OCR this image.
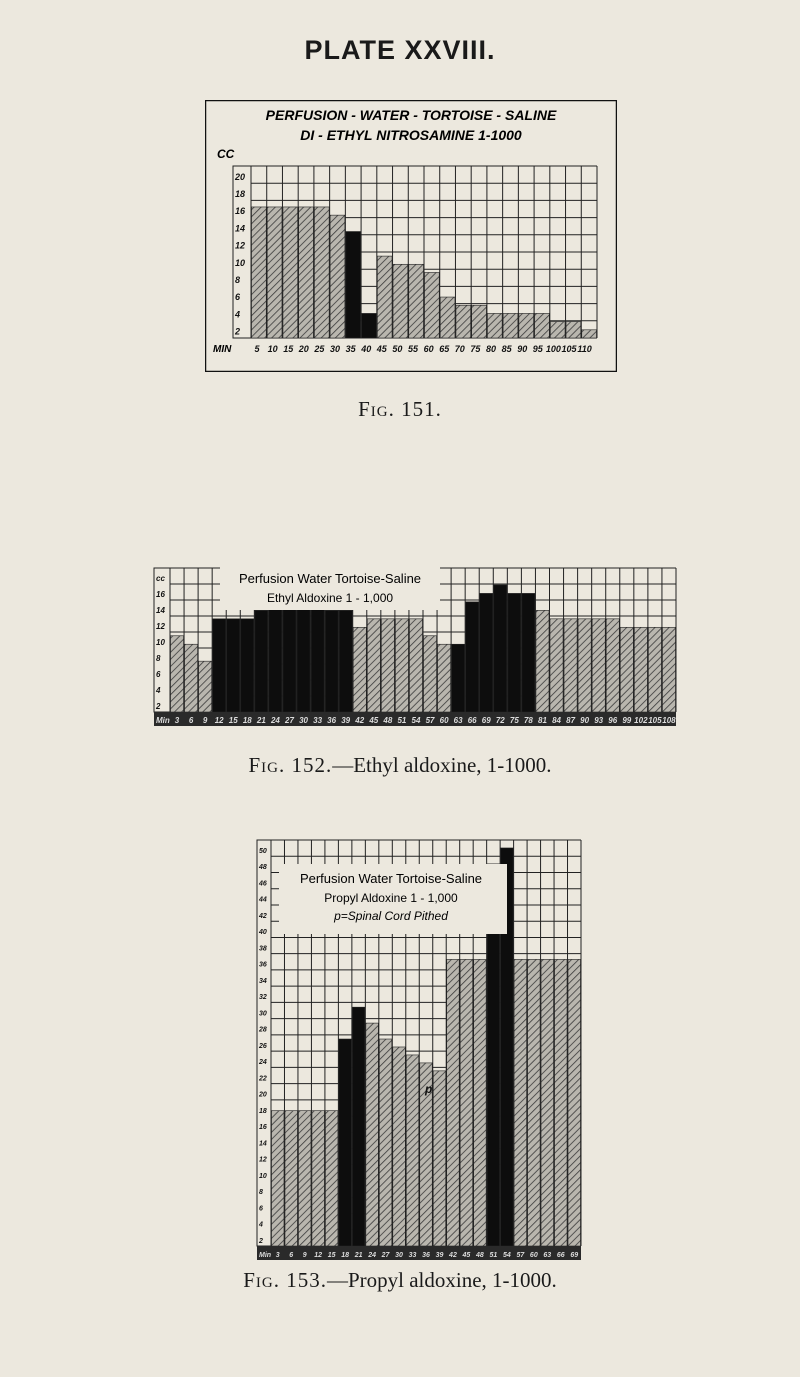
PLATE XXVIII.
PERFUSION - WATER - TORTOISE - SALINE
DI - ETHYL NITROSAMINE 1-1000
CC
MIN
20
18
16
14
12
10
8
6
4
2
5 10 15 20 25 30 35 40 45 50 55 60 65 70 75 80 85 90 95 100 105 110
Fig. 151.
cc
16
14
12
10
8
6
4
2
Min 3 6 9 12 15 18 21 24 27 30 33 36 39 42 45 48 51 54 57 60 63 66 69 72 75 78 81 84 87 90 93 96 99 102 105 108
Perfusion Water Tortoise-Saline
Ethyl Aldoxine 1 - 1,000
Fig. 152.—Ethyl aldoxine, 1-1000.
50
48
46
44
42
40
38
36
34
32
30
28
26
24
22
20
18
16
14
12
10
8
6
4
2
Min 3 6 9 12 15 18 21 24 27 30 33 36 39 42 45 48 51 54 57 60 63 66 69
Perfusion Water Tortoise-Saline
Propyl Aldoxine 1 - 1,000
p=Spinal Cord Pithed
p
Fig. 153.—Propyl aldoxine, 1-1000.
